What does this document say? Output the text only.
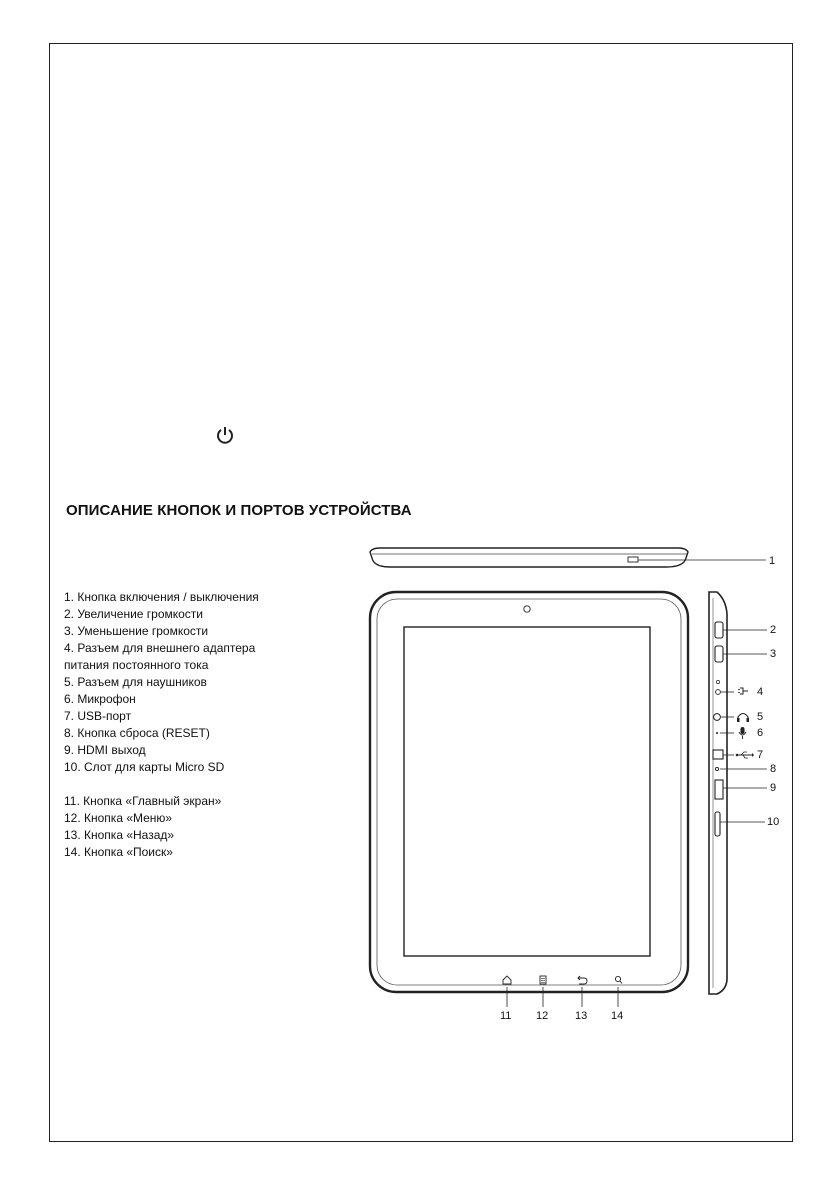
ОПИСАНИЕ КНОПОК И ПОРТОВ УСТРОЙСТВА
1. Кнопка включения / выключения
2. Увеличение громкости
3. Уменьшение громкости
4. Разъем для внешнего адаптера
питания постоянного тока
5. Разъем для наушников
6. Микрофон
7. USB-порт
8. Кнопка сброса (RESET)
9. HDMI выход
10. Слот для карты Micro SD
11. Кнопка «Главный экран»
12. Кнопка «Меню»
13. Кнопка «Назад»
14. Кнопка «Поиск»
1
2
3
4
5
6
7
8
9
10
11 12 13 14
